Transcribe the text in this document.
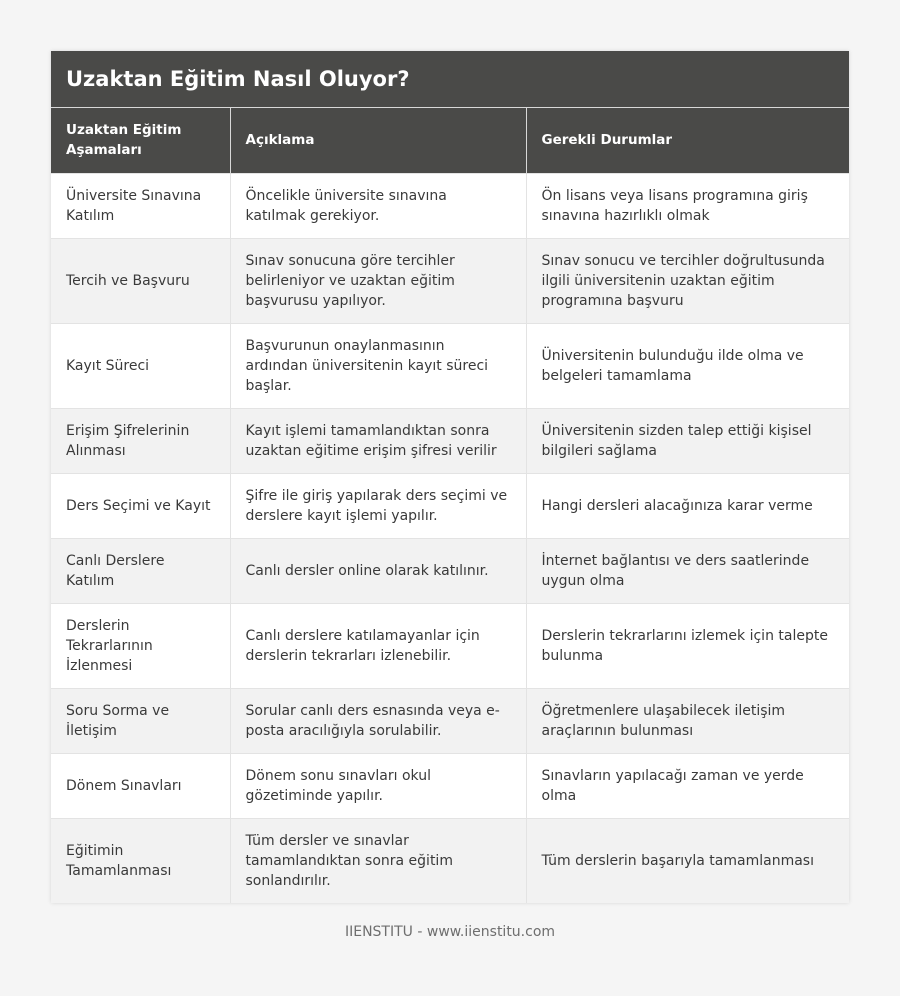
Uzaktan Eğitim Nasıl Oluyor?
Uzaktan Eğitim Aşamaları	Açıklama	Gerekli Durumlar
Üniversite Sınavına Katılım	Öncelikle üniversite sınavına katılmak gerekiyor.	Ön lisans veya lisans programına giriş sınavına hazırlıklı olmak
Tercih ve Başvuru	Sınav sonucuna göre tercihler belirleniyor ve uzaktan eğitim başvurusu yapılıyor.	Sınav sonucu ve tercihler doğrultusunda ilgili üniversitenin uzaktan eğitim programına başvuru
Kayıt Süreci	Başvurunun onaylanmasının ardından üniversitenin kayıt süreci başlar.	Üniversitenin bulunduğu ilde olma ve belgeleri tamamlama
Erişim Şifrelerinin Alınması	Kayıt işlemi tamamlandıktan sonra uzaktan eğitime erişim şifresi verilir	Üniversitenin sizden talep ettiği kişisel bilgileri sağlama
Ders Seçimi ve Kayıt	Şifre ile giriş yapılarak ders seçimi ve derslere kayıt işlemi yapılır.	Hangi dersleri alacağınıza karar verme
Canlı Derslere Katılım	Canlı dersler online olarak katılınır.	İnternet bağlantısı ve ders saatlerinde uygun olma
Derslerin Tekrarlarının İzlenmesi	Canlı derslere katılamayanlar için derslerin tekrarları izlenebilir.	Derslerin tekrarlarını izlemek için talepte bulunma
Soru Sorma ve İletişim	Sorular canlı ders esnasında veya e-posta aracılığıyla sorulabilir.	Öğretmenlere ulaşabilecek iletişim araçlarının bulunması
Dönem Sınavları	Dönem sonu sınavları okul gözetiminde yapılır.	Sınavların yapılacağı zaman ve yerde olma
Eğitimin Tamamlanması	Tüm dersler ve sınavlar tamamlandıktan sonra eğitim sonlandırılır.	Tüm derslerin başarıyla tamamlanması
IIENSTITU - www.iienstitu.com
